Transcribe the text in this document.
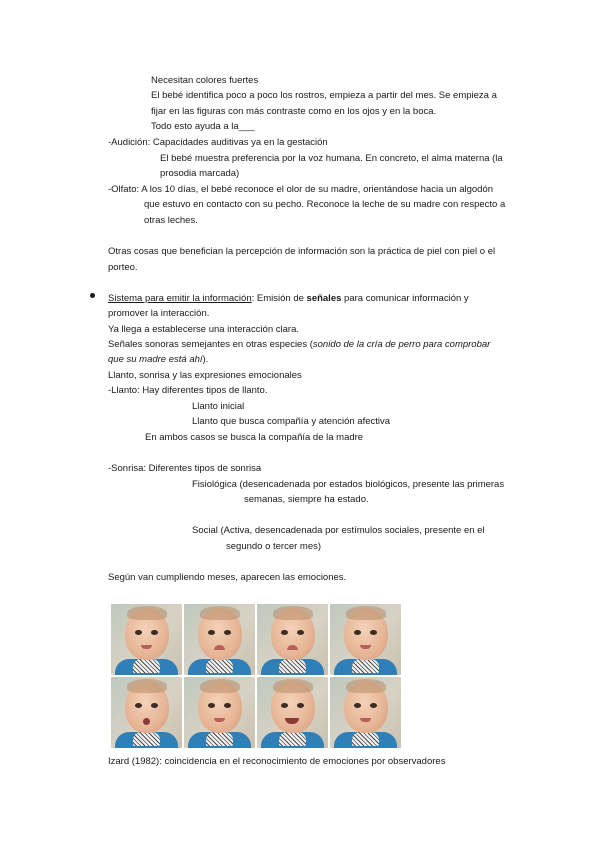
Necesitan colores fuertes
El bebé identifica poco a poco los rostros, empieza a partir del mes. Se empieza a
fijar en las figuras con más contraste como en los ojos y en la boca.
Todo esto ayuda a la___
-Audición: Capacidades auditivas ya en la gestación
El bebé muestra preferencia por la voz humana. En concreto, el alma materna (la
prosodia marcada)
-Olfato: A los 10 días, el bebé reconoce el olor de su madre, orientándose hacia un algodón
que estuvo en contacto con su pecho. Reconoce la leche de su madre con respecto a
otras leches.
Otras cosas que benefician la percepción de información son la práctica de piel con piel o el
porteo.
Sistema para emitir la información: Emisión de señales para comunicar información y
promover la interacción.
Ya llega a establecerse una interacción clara.
Señales sonoras semejantes en otras especies (sonido de la cría de perro para comprobar
que su madre está ahí).
Llanto, sonrisa y las expresiones emocionales
-Llanto: Hay diferentes tipos de llanto.
Llanto inicial
Llanto que busca compañía y atención afectiva
En ambos casos se busca la compañía de la madre
-Sonrisa: Diferentes tipos de sonrisa
Fisiológica (desencadenada por estados biológicos, presente las primeras
semanas, siempre ha estado.
Social (Activa, desencadenada por estímulos sociales, presente en el
segundo o tercer mes)
Según van cumpliendo meses, aparecen las emociones.
Izard (1982): coincidencia en el reconocimiento de emociones por observadores
